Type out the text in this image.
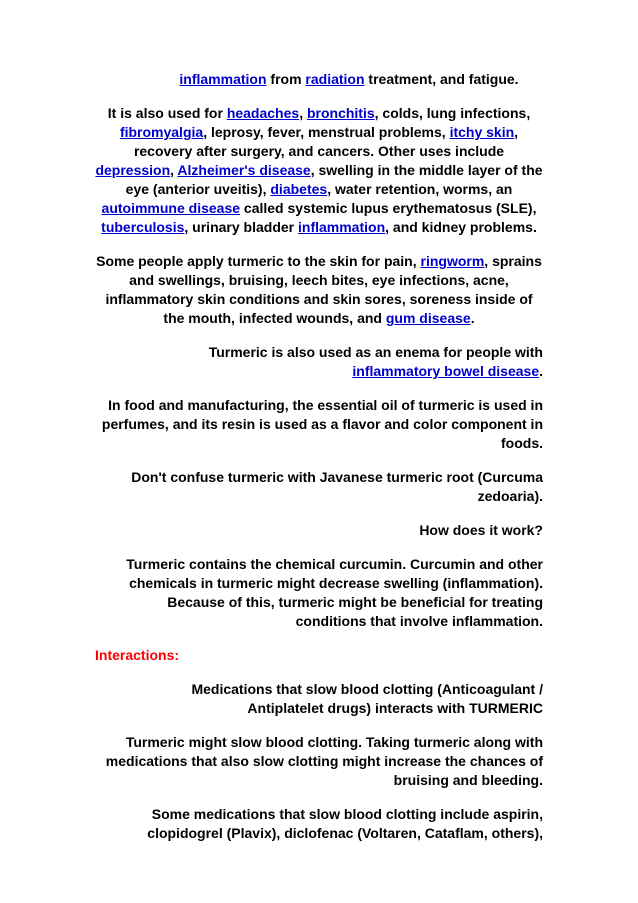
inflammation from radiation treatment, and fatigue.

It is also used for headaches, bronchitis, colds, lung infections, fibromyalgia, leprosy, fever, menstrual problems, itchy skin, recovery after surgery, and cancers. Other uses include depression, Alzheimer's disease, swelling in the middle layer of the eye (anterior uveitis), diabetes, water retention, worms, an autoimmune disease called systemic lupus erythematosus (SLE), tuberculosis, urinary bladder inflammation, and kidney problems.

Some people apply turmeric to the skin for pain, ringworm, sprains and swellings, bruising, leech bites, eye infections, acne, inflammatory skin conditions and skin sores, soreness inside of the mouth, infected wounds, and gum disease.

Turmeric is also used as an enema for people with inflammatory bowel disease.

In food and manufacturing, the essential oil of turmeric is used in perfumes, and its resin is used as a flavor and color component in foods.

Don't confuse turmeric with Javanese turmeric root (Curcuma zedoaria).

How does it work?

Turmeric contains the chemical curcumin. Curcumin and other chemicals in turmeric might decrease swelling (inflammation). Because of this, turmeric might be beneficial for treating conditions that involve inflammation.

Interactions:

Medications that slow blood clotting (Anticoagulant / Antiplatelet drugs) interacts with TURMERIC

Turmeric might slow blood clotting. Taking turmeric along with medications that also slow clotting might increase the chances of bruising and bleeding.

Some medications that slow blood clotting include aspirin, clopidogrel (Plavix), diclofenac (Voltaren, Cataflam, others),
